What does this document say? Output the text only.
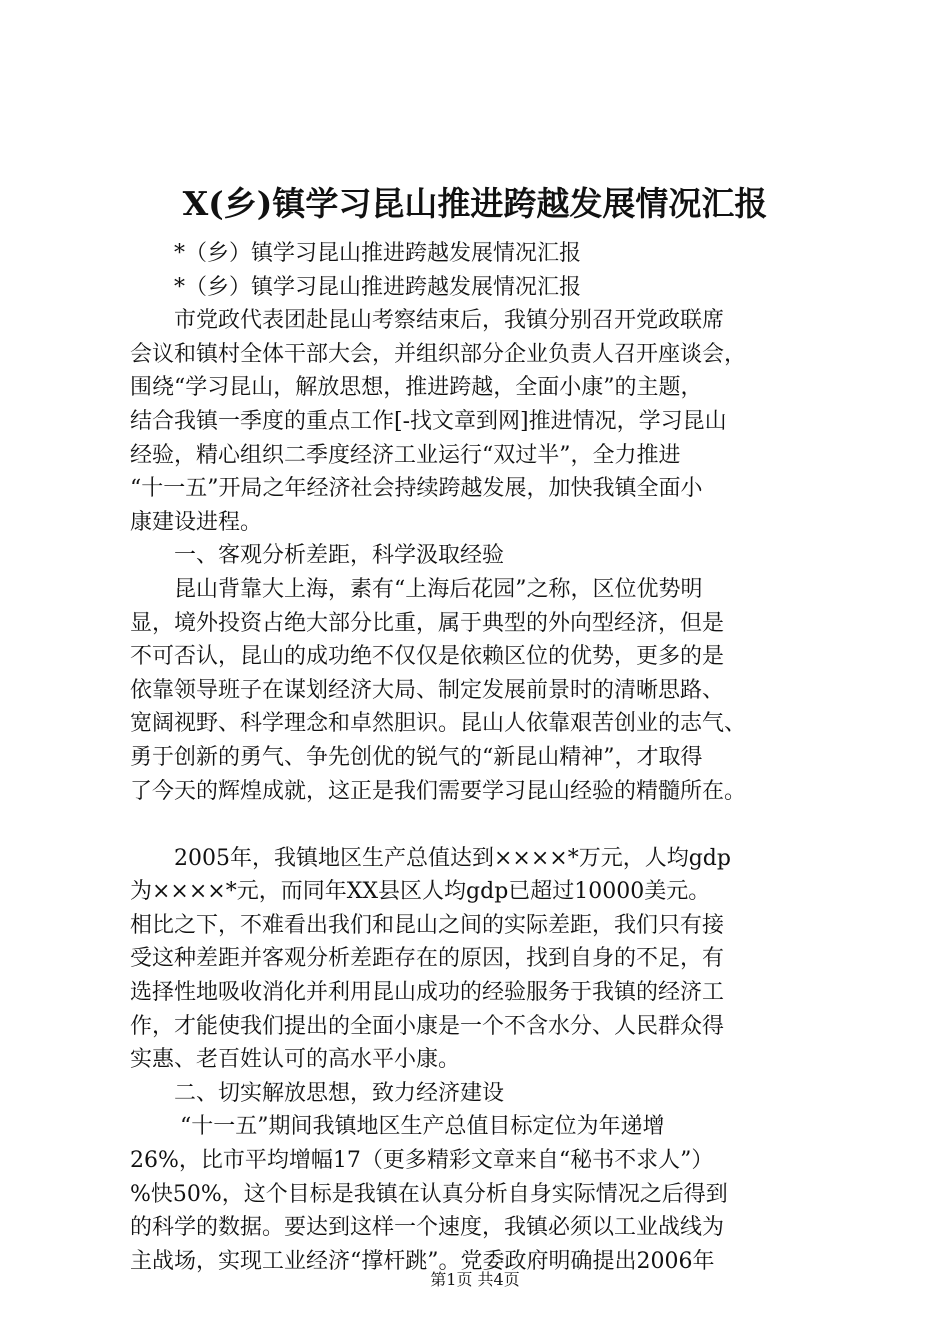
X(乡)镇学习昆山推进跨越发展情况汇报
*（乡）镇学习昆山推进跨越发展情况汇报
*（乡）镇学习昆山推进跨越发展情况汇报
市党政代表团赴昆山考察结束后，我镇分别召开党政联席
会议和镇村全体干部大会，并组织部分企业负责人召开座谈会，
围绕“学习昆山，解放思想，推进跨越，全面小康”的主题，
结合我镇一季度的重点工作[-找文章到网]推进情况，学习昆山
经验，精心组织二季度经济工业运行“双过半”，全力推进
“十一五”开局之年经济社会持续跨越发展，加快我镇全面小
康建设进程。
一、客观分析差距，科学汲取经验
昆山背靠大上海，素有“上海后花园”之称，区位优势明
显，境外投资占绝大部分比重，属于典型的外向型经济，但是
不可否认，昆山的成功绝不仅仅是依赖区位的优势，更多的是
依靠领导班子在谋划经济大局、制定发展前景时的清晰思路、
宽阔视野、科学理念和卓然胆识。昆山人依靠艰苦创业的志气、
勇于创新的勇气、争先创优的锐气的“新昆山精神”，才取得
了今天的辉煌成就，这正是我们需要学习昆山经验的精髓所在。
2005年，我镇地区生产总值达到××××*万元，人均gdp
为××××*元，而同年XX县区人均gdp已超过10000美元。
相比之下，不难看出我们和昆山之间的实际差距，我们只有接
受这种差距并客观分析差距存在的原因，找到自身的不足，有
选择性地吸收消化并利用昆山成功的经验服务于我镇的经济工
作，才能使我们提出的全面小康是一个不含水分、人民群众得
实惠、老百姓认可的高水平小康。
二、切实解放思想，致力经济建设
“十一五”期间我镇地区生产总值目标定位为年递增
26%，比市平均增幅17（更多精彩文章来自“秘书不求人”）
%快50%，这个目标是我镇在认真分析自身实际情况之后得到
的科学的数据。要达到这样一个速度，我镇必须以工业战线为
主战场，实现工业经济“撑杆跳”。党委政府明确提出2006年
第1页 共4页
